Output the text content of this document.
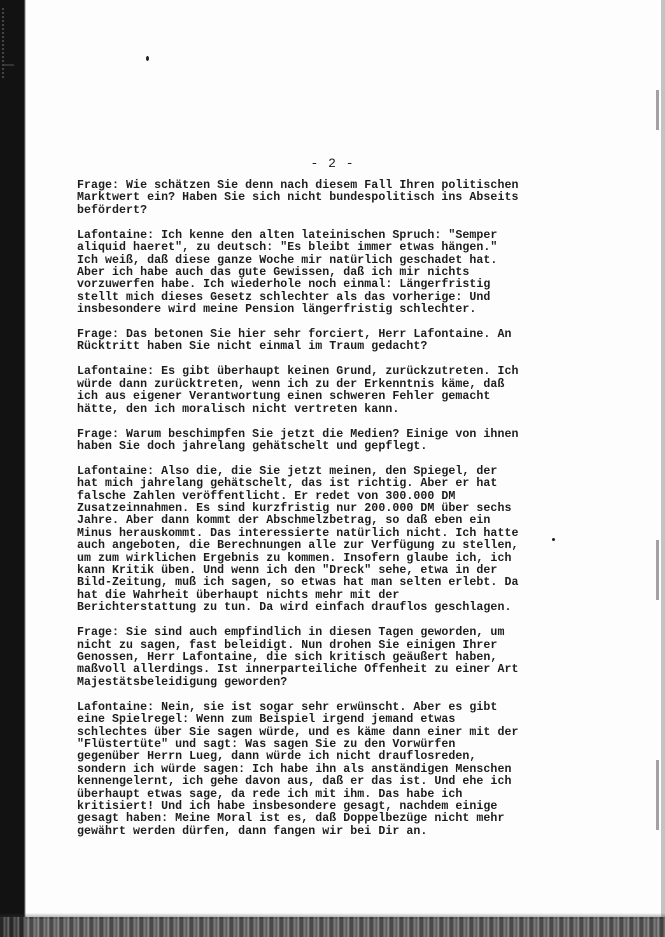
- 2 -

Frage: Wie schätzen Sie denn nach diesem Fall Ihren politischen
Marktwert ein? Haben Sie sich nicht bundespolitisch ins Abseits
befördert?

Lafontaine: Ich kenne den alten lateinischen Spruch: "Semper
aliquid haeret", zu deutsch: "Es bleibt immer etwas hängen."
Ich weiß, daß diese ganze Woche mir natürlich geschadet hat.
Aber ich habe auch das gute Gewissen, daß ich mir nichts
vorzuwerfen habe. Ich wiederhole noch einmal: Längerfristig
stellt mich dieses Gesetz schlechter als das vorherige: Und
insbesondere wird meine Pension längerfristig schlechter.

Frage: Das betonen Sie hier sehr forciert, Herr Lafontaine. An
Rücktritt haben Sie nicht einmal im Traum gedacht?

Lafontaine: Es gibt überhaupt keinen Grund, zurückzutreten. Ich
würde dann zurücktreten, wenn ich zu der Erkenntnis käme, daß
ich aus eigener Verantwortung einen schweren Fehler gemacht
hätte, den ich moralisch nicht vertreten kann.

Frage: Warum beschimpfen Sie jetzt die Medien? Einige von ihnen
haben Sie doch jahrelang gehätschelt und gepflegt.

Lafontaine: Also die, die Sie jetzt meinen, den Spiegel, der
hat mich jahrelang gehätschelt, das ist richtig. Aber er hat
falsche Zahlen veröffentlicht. Er redet von 300.000 DM
Zusatzeinnahmen. Es sind kurzfristig nur 200.000 DM über sechs
Jahre. Aber dann kommt der Abschmelzbetrag, so daß eben ein
Minus herauskommt. Das interessierte natürlich nicht. Ich hatte
auch angeboten, die Berechnungen alle zur Verfügung zu stellen,
um zum wirklichen Ergebnis zu kommen. Insofern glaube ich, ich
kann Kritik üben. Und wenn ich den "Dreck" sehe, etwa in der
Bild-Zeitung, muß ich sagen, so etwas hat man selten erlebt. Da
hat die Wahrheit überhaupt nichts mehr mit der
Berichterstattung zu tun. Da wird einfach drauflos geschlagen.

Frage: Sie sind auch empfindlich in diesen Tagen geworden, um
nicht zu sagen, fast beleidigt. Nun drohen Sie einigen Ihrer
Genossen, Herr Lafontaine, die sich kritisch geäußert haben,
maßvoll allerdings. Ist innerparteiliche Offenheit zu einer Art
Majestätsbeleidigung geworden?

Lafontaine: Nein, sie ist sogar sehr erwünscht. Aber es gibt
eine Spielregel: Wenn zum Beispiel irgend jemand etwas
schlechtes über Sie sagen würde, und es käme dann einer mit der
"Flüstertüte" und sagt: Was sagen Sie zu den Vorwürfen
gegenüber Herrn Lueg, dann würde ich nicht drauflosreden,
sondern ich würde sagen: Ich habe ihn als anständigen Menschen
kennengelernt, ich gehe davon aus, daß er das ist. Und ehe ich
überhaupt etwas sage, da rede ich mit ihm. Das habe ich
kritisiert! Und ich habe insbesondere gesagt, nachdem einige
gesagt haben: Meine Moral ist es, daß Doppelbezüge nicht mehr
gewährt werden dürfen, dann fangen wir bei Dir an.
